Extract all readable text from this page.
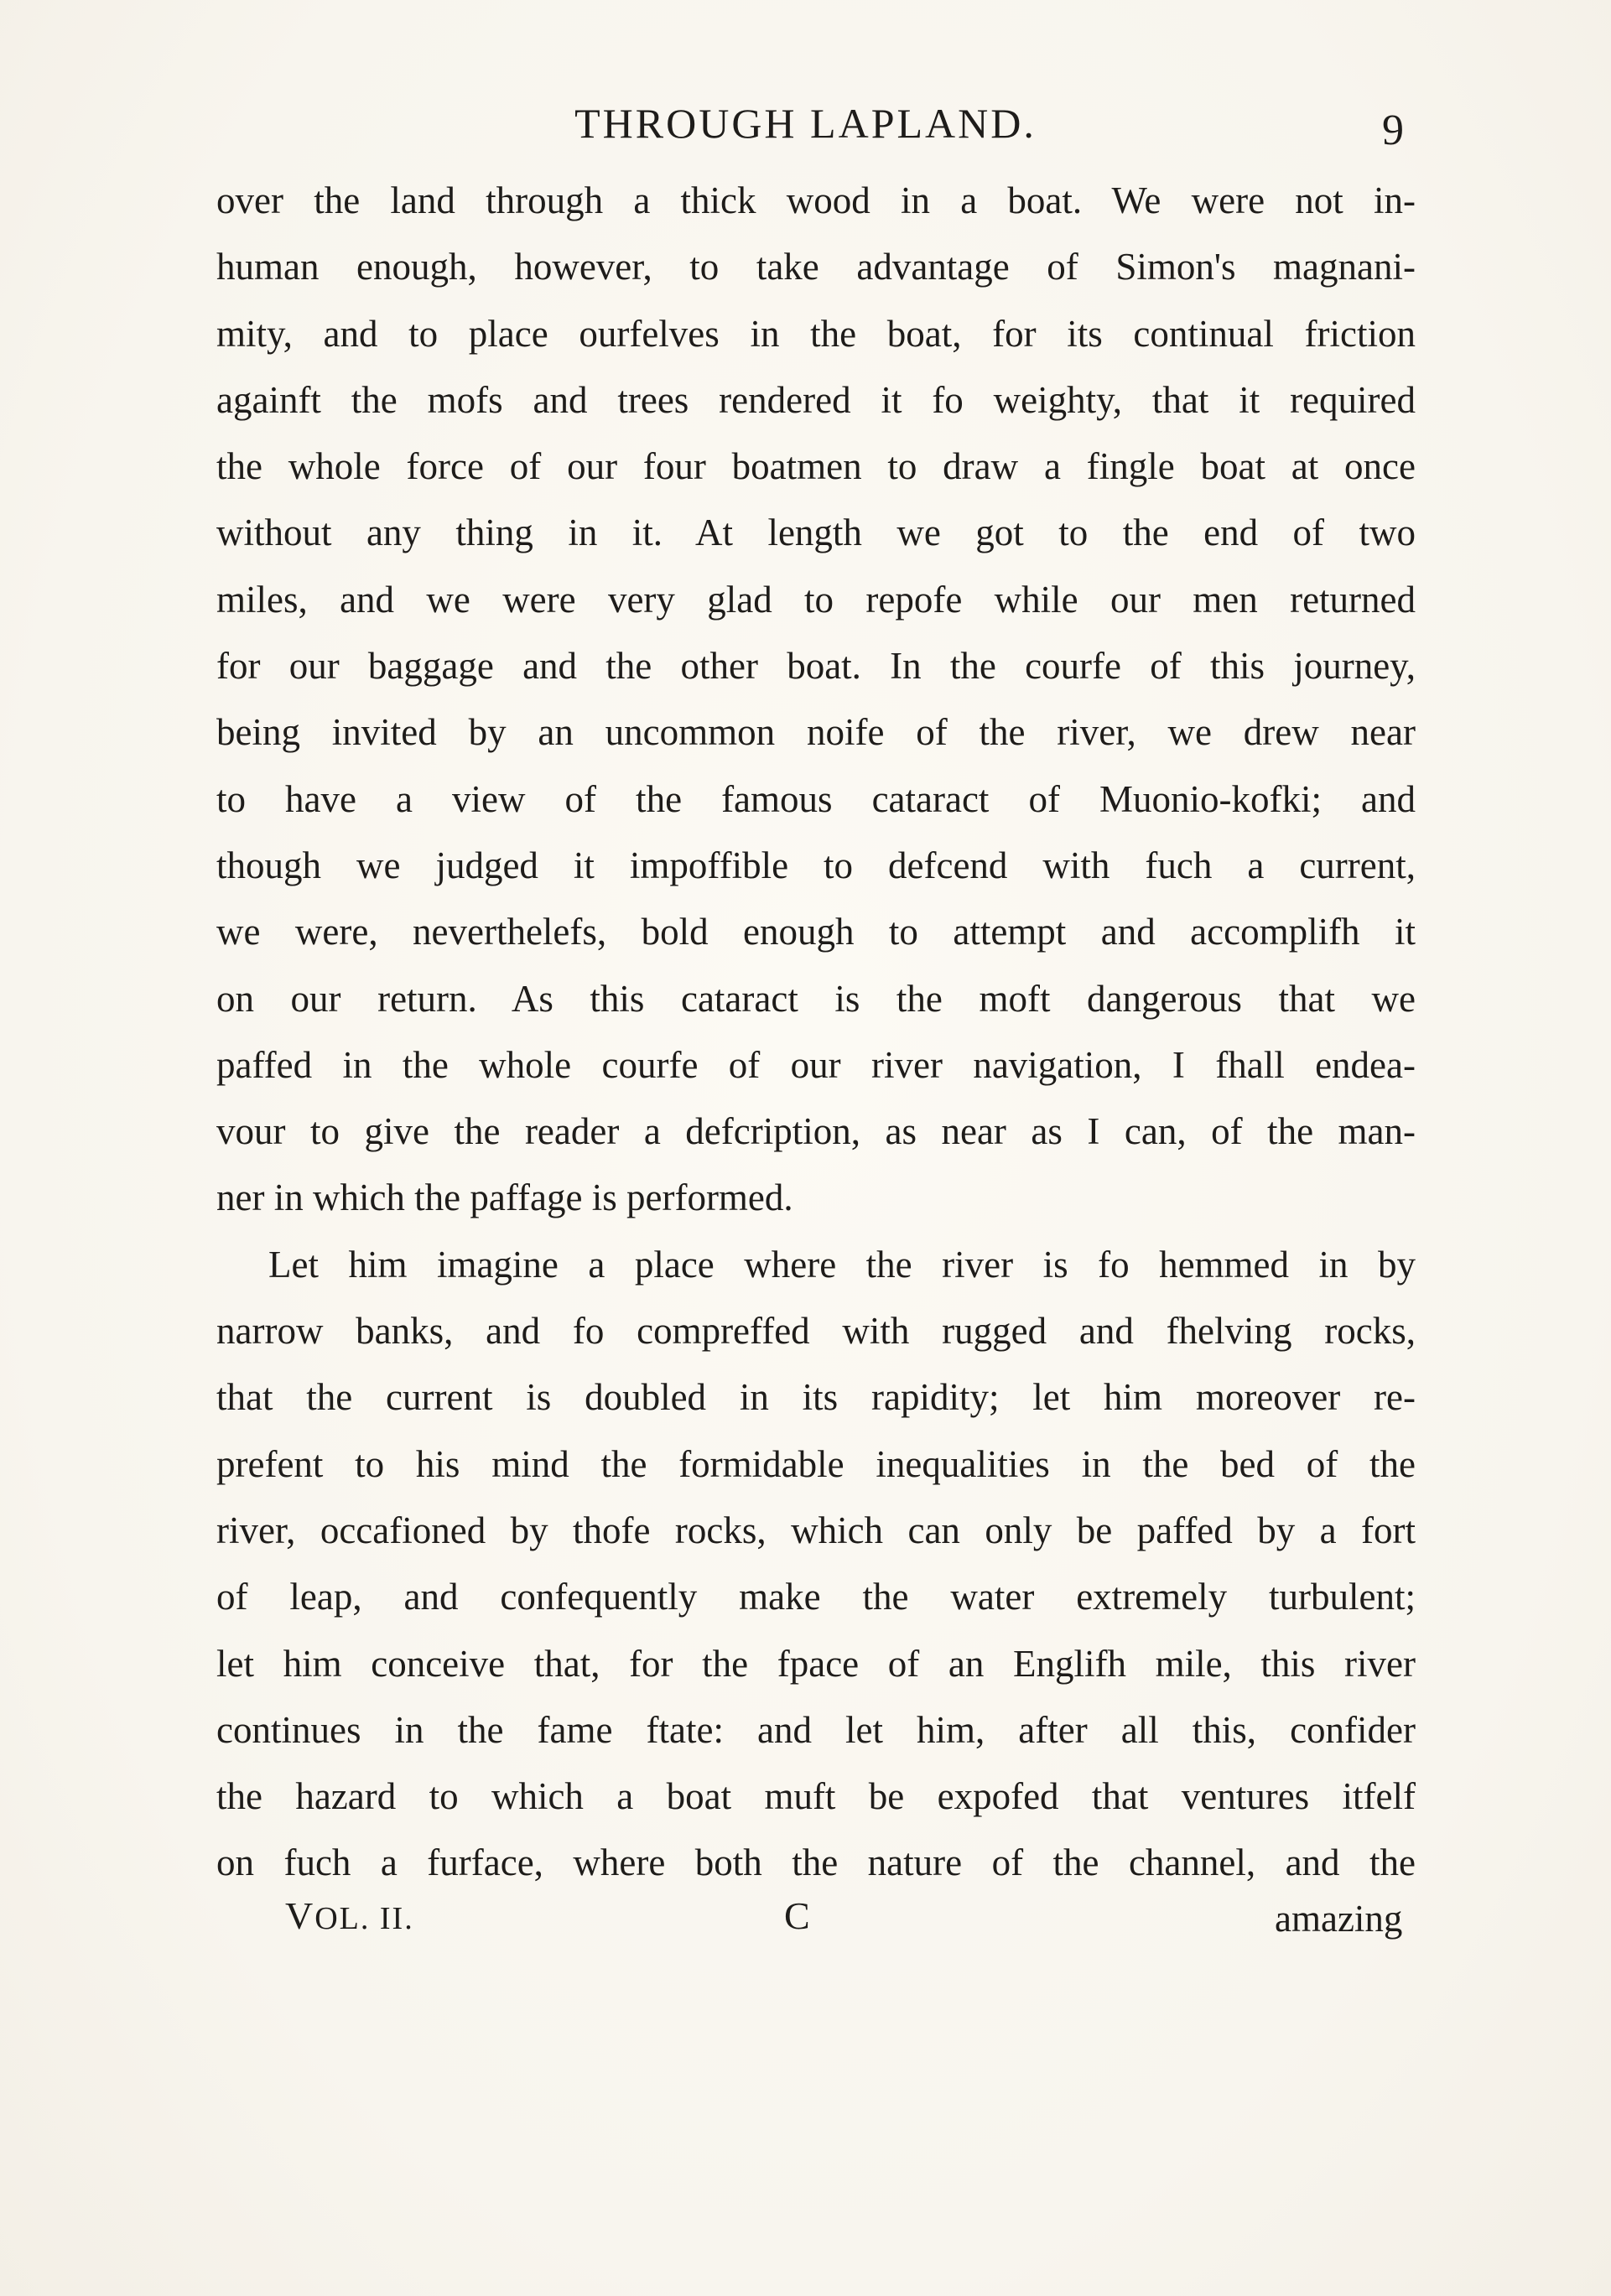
THROUGH LAPLAND.	9
over the land through a thick wood in a boat. We were not in-
human enough, however, to take advantage of Simon's magnani-
mity, and to place ourfelves in the boat, for its continual friction
againft the mofs and trees rendered it fo weighty, that it required
the whole force of our four boatmen to draw a fingle boat at once
without any thing in it. At length we got to the end of two
miles, and we were very glad to repofe while our men returned
for our baggage and the other boat. In the courfe of this journey,
being invited by an uncommon noife of the river, we drew near
to have a view of the famous cataract of Muonio-kofki; and
though we judged it impoffible to defcend with fuch a current,
we were, neverthelefs, bold enough to attempt and accomplifh it
on our return. As this cataract is the moft dangerous that we
paffed in the whole courfe of our river navigation, I fhall endea-
vour to give the reader a defcription, as near as I can, of the man-
ner in which the paffage is performed.
Let him imagine a place where the river is fo hemmed in by
narrow banks, and fo compreffed with rugged and fhelving rocks,
that the current is doubled in its rapidity; let him moreover re-
prefent to his mind the formidable inequalities in the bed of the
river, occafioned by thofe rocks, which can only be paffed by a fort
of leap, and confequently make the water extremely turbulent;
let him conceive that, for the fpace of an Englifh mile, this river
continues in the fame ftate: and let him, after all this, confider
the hazard to which a boat muft be expofed that ventures itfelf
on fuch a furface, where both the nature of the channel, and the
VOL. II.	C	amazing
